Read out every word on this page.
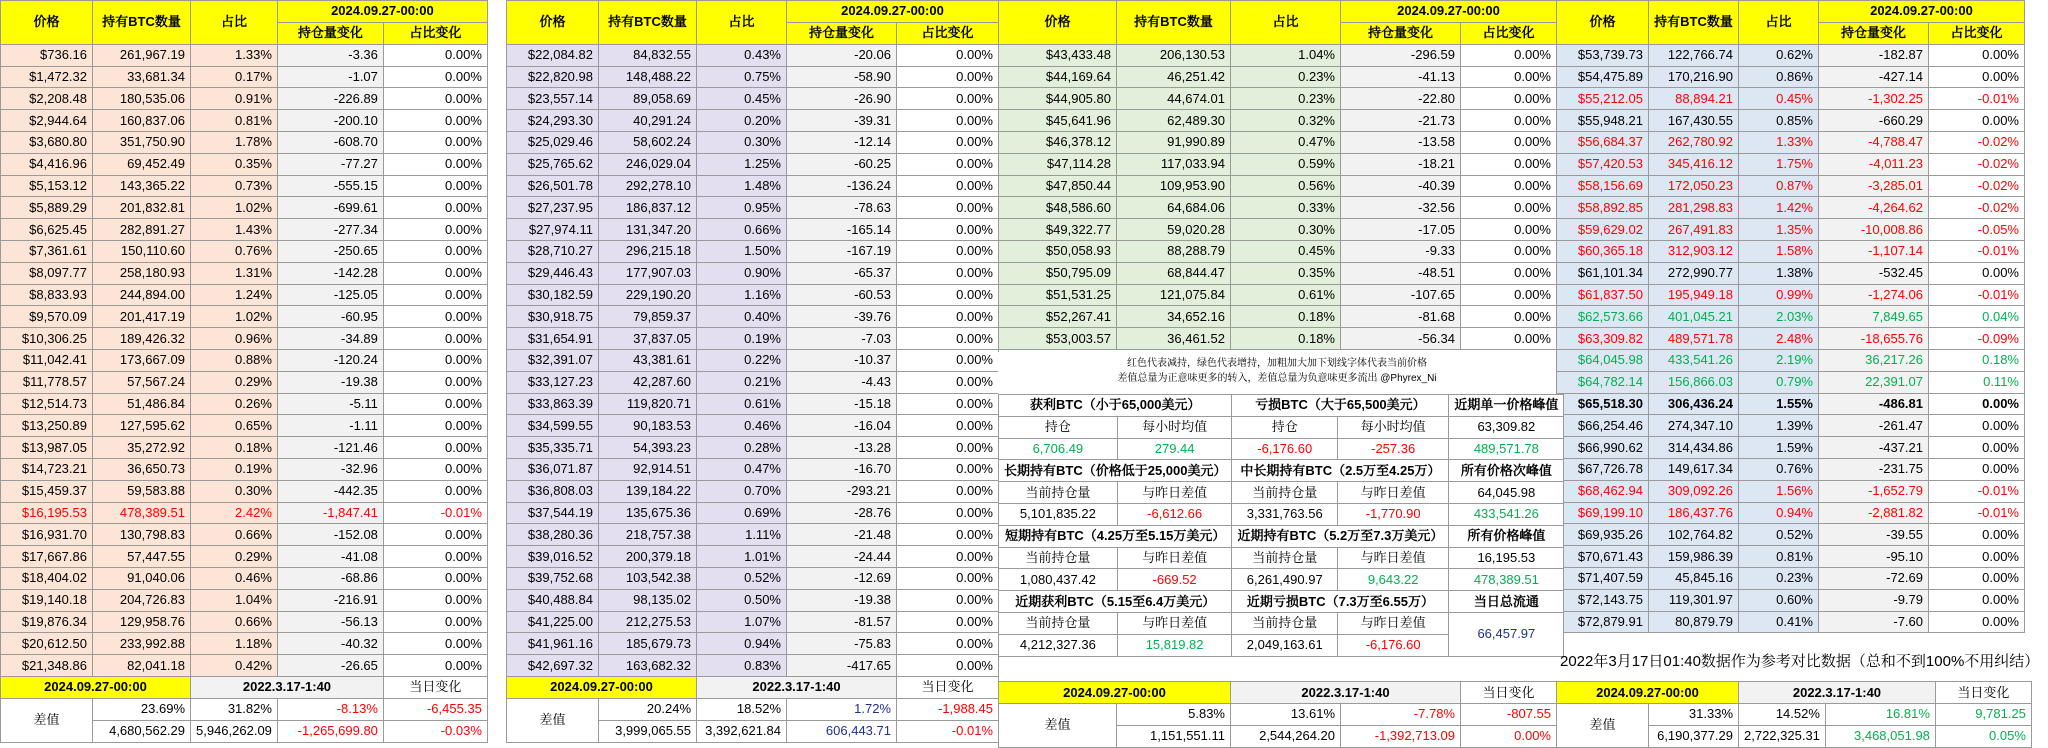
价格	持有BTC数量	占比	2024.09.27-00:00	
			持仓量变化	占比变化
$736.16	261,967.19	1.33%	-3.36	0.00%
$1,472.32	33,681.34	0.17%	-1.07	0.00%
$2,208.48	180,535.06	0.91%	-226.89	0.00%
$2,944.64	160,837.06	0.81%	-200.10	0.00%
$3,680.80	351,750.90	1.78%	-608.70	0.00%
$4,416.96	69,452.49	0.35%	-77.27	0.00%
$5,153.12	143,365.22	0.73%	-555.15	0.00%
$5,889.29	201,832.81	1.02%	-699.61	0.00%
$6,625.45	282,891.27	1.43%	-277.34	0.00%
$7,361.61	150,110.60	0.76%	-250.65	0.00%
$8,097.77	258,180.93	1.31%	-142.28	0.00%
$8,833.93	244,894.00	1.24%	-125.05	0.00%
$9,570.09	201,417.19	1.02%	-60.95	0.00%
$10,306.25	189,426.32	0.96%	-34.89	0.00%
$11,042.41	173,667.09	0.88%	-120.24	0.00%
$11,778.57	57,567.24	0.29%	-19.38	0.00%
$12,514.73	51,486.84	0.26%	-5.11	0.00%
$13,250.89	127,595.62	0.65%	-1.11	0.00%
$13,987.05	35,272.92	0.18%	-121.46	0.00%
$14,723.21	36,650.73	0.19%	-32.96	0.00%
$15,459.37	59,583.88	0.30%	-442.35	0.00%
$16,195.53	478,389.51	2.42%	-1,847.41	-0.01%
$16,931.70	130,798.83	0.66%	-152.08	0.00%
$17,667.86	57,447.55	0.29%	-41.08	0.00%
$18,404.02	91,040.06	0.46%	-68.86	0.00%
$19,140.18	204,726.83	1.04%	-216.91	0.00%
$19,876.34	129,958.76	0.66%	-56.13	0.00%
$20,612.50	233,992.88	1.18%	-40.32	0.00%
$21,348.86	82,041.18	0.42%	-26.65	0.00%
2024.09.27-00:00		2022.3.17-1:40		当日变化
差值	23.69%	31.82%	-8.13%	-6,455.35
	4,680,562.29	5,946,262.09	-1,265,699.80	-0.03%
价格	持有BTC数量	占比	2024.09.27-00:00	
			持仓量变化	占比变化
$22,084.82	84,832.55	0.43%	-20.06	0.00%
$22,820.98	148,488.22	0.75%	-58.90	0.00%
$23,557.14	89,058.69	0.45%	-26.90	0.00%
$24,293.30	40,291.24	0.20%	-39.31	0.00%
$25,029.46	58,602.24	0.30%	-12.14	0.00%
$25,765.62	246,029.04	1.25%	-60.25	0.00%
$26,501.78	292,278.10	1.48%	-136.24	0.00%
$27,237.95	186,837.12	0.95%	-78.63	0.00%
$27,974.11	131,347.20	0.66%	-165.14	0.00%
$28,710.27	296,215.18	1.50%	-167.19	0.00%
$29,446.43	177,907.03	0.90%	-65.37	0.00%
$30,182.59	229,190.20	1.16%	-60.53	0.00%
$30,918.75	79,859.37	0.40%	-39.76	0.00%
$31,654.91	37,837.05	0.19%	-7.03	0.00%
$32,391.07	43,381.61	0.22%	-10.37	0.00%
$33,127.23	42,287.60	0.21%	-4.43	0.00%
$33,863.39	119,820.71	0.61%	-15.18	0.00%
$34,599.55	90,183.53	0.46%	-16.04	0.00%
$35,335.71	54,393.23	0.28%	-13.28	0.00%
$36,071.87	92,914.51	0.47%	-16.70	0.00%
$36,808.03	139,184.22	0.70%	-293.21	0.00%
$37,544.19	135,675.36	0.69%	-28.76	0.00%
$38,280.36	218,757.38	1.11%	-21.48	0.00%
$39,016.52	200,379.18	1.01%	-24.44	0.00%
$39,752.68	103,542.38	0.52%	-12.69	0.00%
$40,488.84	98,135.02	0.50%	-19.38	0.00%
$41,225.00	212,275.53	1.07%	-81.57	0.00%
$41,961.16	185,679.73	0.94%	-75.83	0.00%
$42,697.32	163,682.32	0.83%	-417.65	0.00%
2024.09.27-00:00		2022.3.17-1:40		当日变化
差值	20.24%	18.52%	1.72%	-1,988.45
	3,999,065.55	3,392,621.84	606,443.71	-0.01%
价格	持有BTC数量	占比	2024.09.27-00:00	
			持仓量变化	占比变化
$43,433.48	206,130.53	1.04%	-296.59	0.00%
$44,169.64	46,251.42	0.23%	-41.13	0.00%
$44,905.80	44,674.01	0.23%	-22.80	0.00%
$45,641.96	62,489.30	0.32%	-21.73	0.00%
$46,378.12	91,990.89	0.47%	-13.58	0.00%
$47,114.28	117,033.94	0.59%	-18.21	0.00%
$47,850.44	109,953.90	0.56%	-40.39	0.00%
$48,586.60	64,684.06	0.33%	-32.56	0.00%
$49,322.77	59,020.28	0.30%	-17.05	0.00%
$50,058.93	88,288.79	0.45%	-9.33	0.00%
$50,795.09	68,844.47	0.35%	-48.51	0.00%
$51,531.25	121,075.84	0.61%	-107.65	0.00%
$52,267.41	34,652.16	0.18%	-81.68	0.00%
$53,003.57	36,461.52	0.18%	-56.34	0.00%
价格	持有BTC数量	占比	2024.09.27-00:00	
			持仓量变化	占比变化
$53,739.73	122,766.74	0.62%	-182.87	0.00%
$54,475.89	170,216.90	0.86%	-427.14	0.00%
$55,212.05	88,894.21	0.45%	-1,302.25	-0.01%
$55,948.21	167,430.55	0.85%	-660.29	0.00%
$56,684.37	262,780.92	1.33%	-4,788.47	-0.02%
$57,420.53	345,416.12	1.75%	-4,011.23	-0.02%
$58,156.69	172,050.23	0.87%	-3,285.01	-0.02%
$58,892.85	281,298.83	1.42%	-4,264.62	-0.02%
$59,629.02	267,491.83	1.35%	-10,008.86	-0.05%
$60,365.18	312,903.12	1.58%	-1,107.14	-0.01%
$61,101.34	272,990.77	1.38%	-532.45	0.00%
$61,837.50	195,949.18	0.99%	-1,274.06	-0.01%
$62,573.66	401,045.21	2.03%	7,849.65	0.04%
$63,309.82	489,571.78	2.48%	-18,655.76	-0.09%
$64,045.98	433,541.26	2.19%	36,217.26	0.18%
$64,782.14	156,866.03	0.79%	22,391.07	0.11%
$65,518.30	306,436.24	1.55%	-486.81	0.00%
$66,254.46	274,347.10	1.39%	-261.47	0.00%
$66,990.62	314,434.86	1.59%	-437.21	0.00%
$67,726.78	149,617.34	0.76%	-231.75	0.00%
$68,462.94	309,092.26	1.56%	-1,652.79	-0.01%
$69,199.10	186,437.76	0.94%	-2,881.82	-0.01%
$69,935.26	102,764.82	0.52%	-39.55	0.00%
$70,671.43	159,986.39	0.81%	-95.10	0.00%
$71,407.59	45,845.16	0.23%	-72.69	0.00%
$72,143.75	119,301.97	0.60%	-9.79	0.00%
$72,879.91	80,879.79	0.41%	-7.60	0.00%
红色代表减持，绿色代表增持，加粗加大加下划线字体代表当前价格
差值总量为正意味更多的转入，差值总量为负意味更多流出 @Phyrex_Ni
获利BTC（小于65,000美元）		亏损BTC（大于65,500美元）		近期单一价格峰值
持仓	每小时均值	持仓	每小时均值	63,309.82
6,706.49	279.44	-6,176.60	-257.36	489,571.78
长期持有BTC（价格低于25,000美元）		中长期持有BTC（2.5万至4.25万）		所有价格次峰值
当前持仓量	与昨日差值	当前持仓量	与昨日差值	64,045.98
5,101,835.22	-6,612.66	3,331,763.56	-1,770.90	433,541.26
短期持有BTC（4.25万至5.15万美元）		近期持有BTC（5.2万至7.3万美元）		所有价格峰值
当前持仓量	与昨日差值	当前持仓量	与昨日差值	16,195.53
1,080,437.42	-669.52	6,261,490.97	9,643.22	478,389.51
近期获利BTC（5.15至6.4万美元）		近期亏损BTC（7.3万至6.55万）		当日总流通
当前持仓量	与昨日差值	当前持仓量	与昨日差值	66,457.97
4,212,327.36	15,819.82	2,049,163.61	-6,176.60	
2022年3月17日01:40数据作为参考对比数据（总和不到100%不用纠结）
2024.09.27-00:00		2022.3.17-1:40		当日变化
差值	5.83%	13.61%	-7.78%	-807.55
	1,151,551.11	2,544,264.20	-1,392,713.09	0.00%
2024.09.27-00:00		2022.3.17-1:40		当日变化
差值	31.33%	14.52%	16.81%	9,781.25
	6,190,377.29	2,722,325.31	3,468,051.98	0.05%
